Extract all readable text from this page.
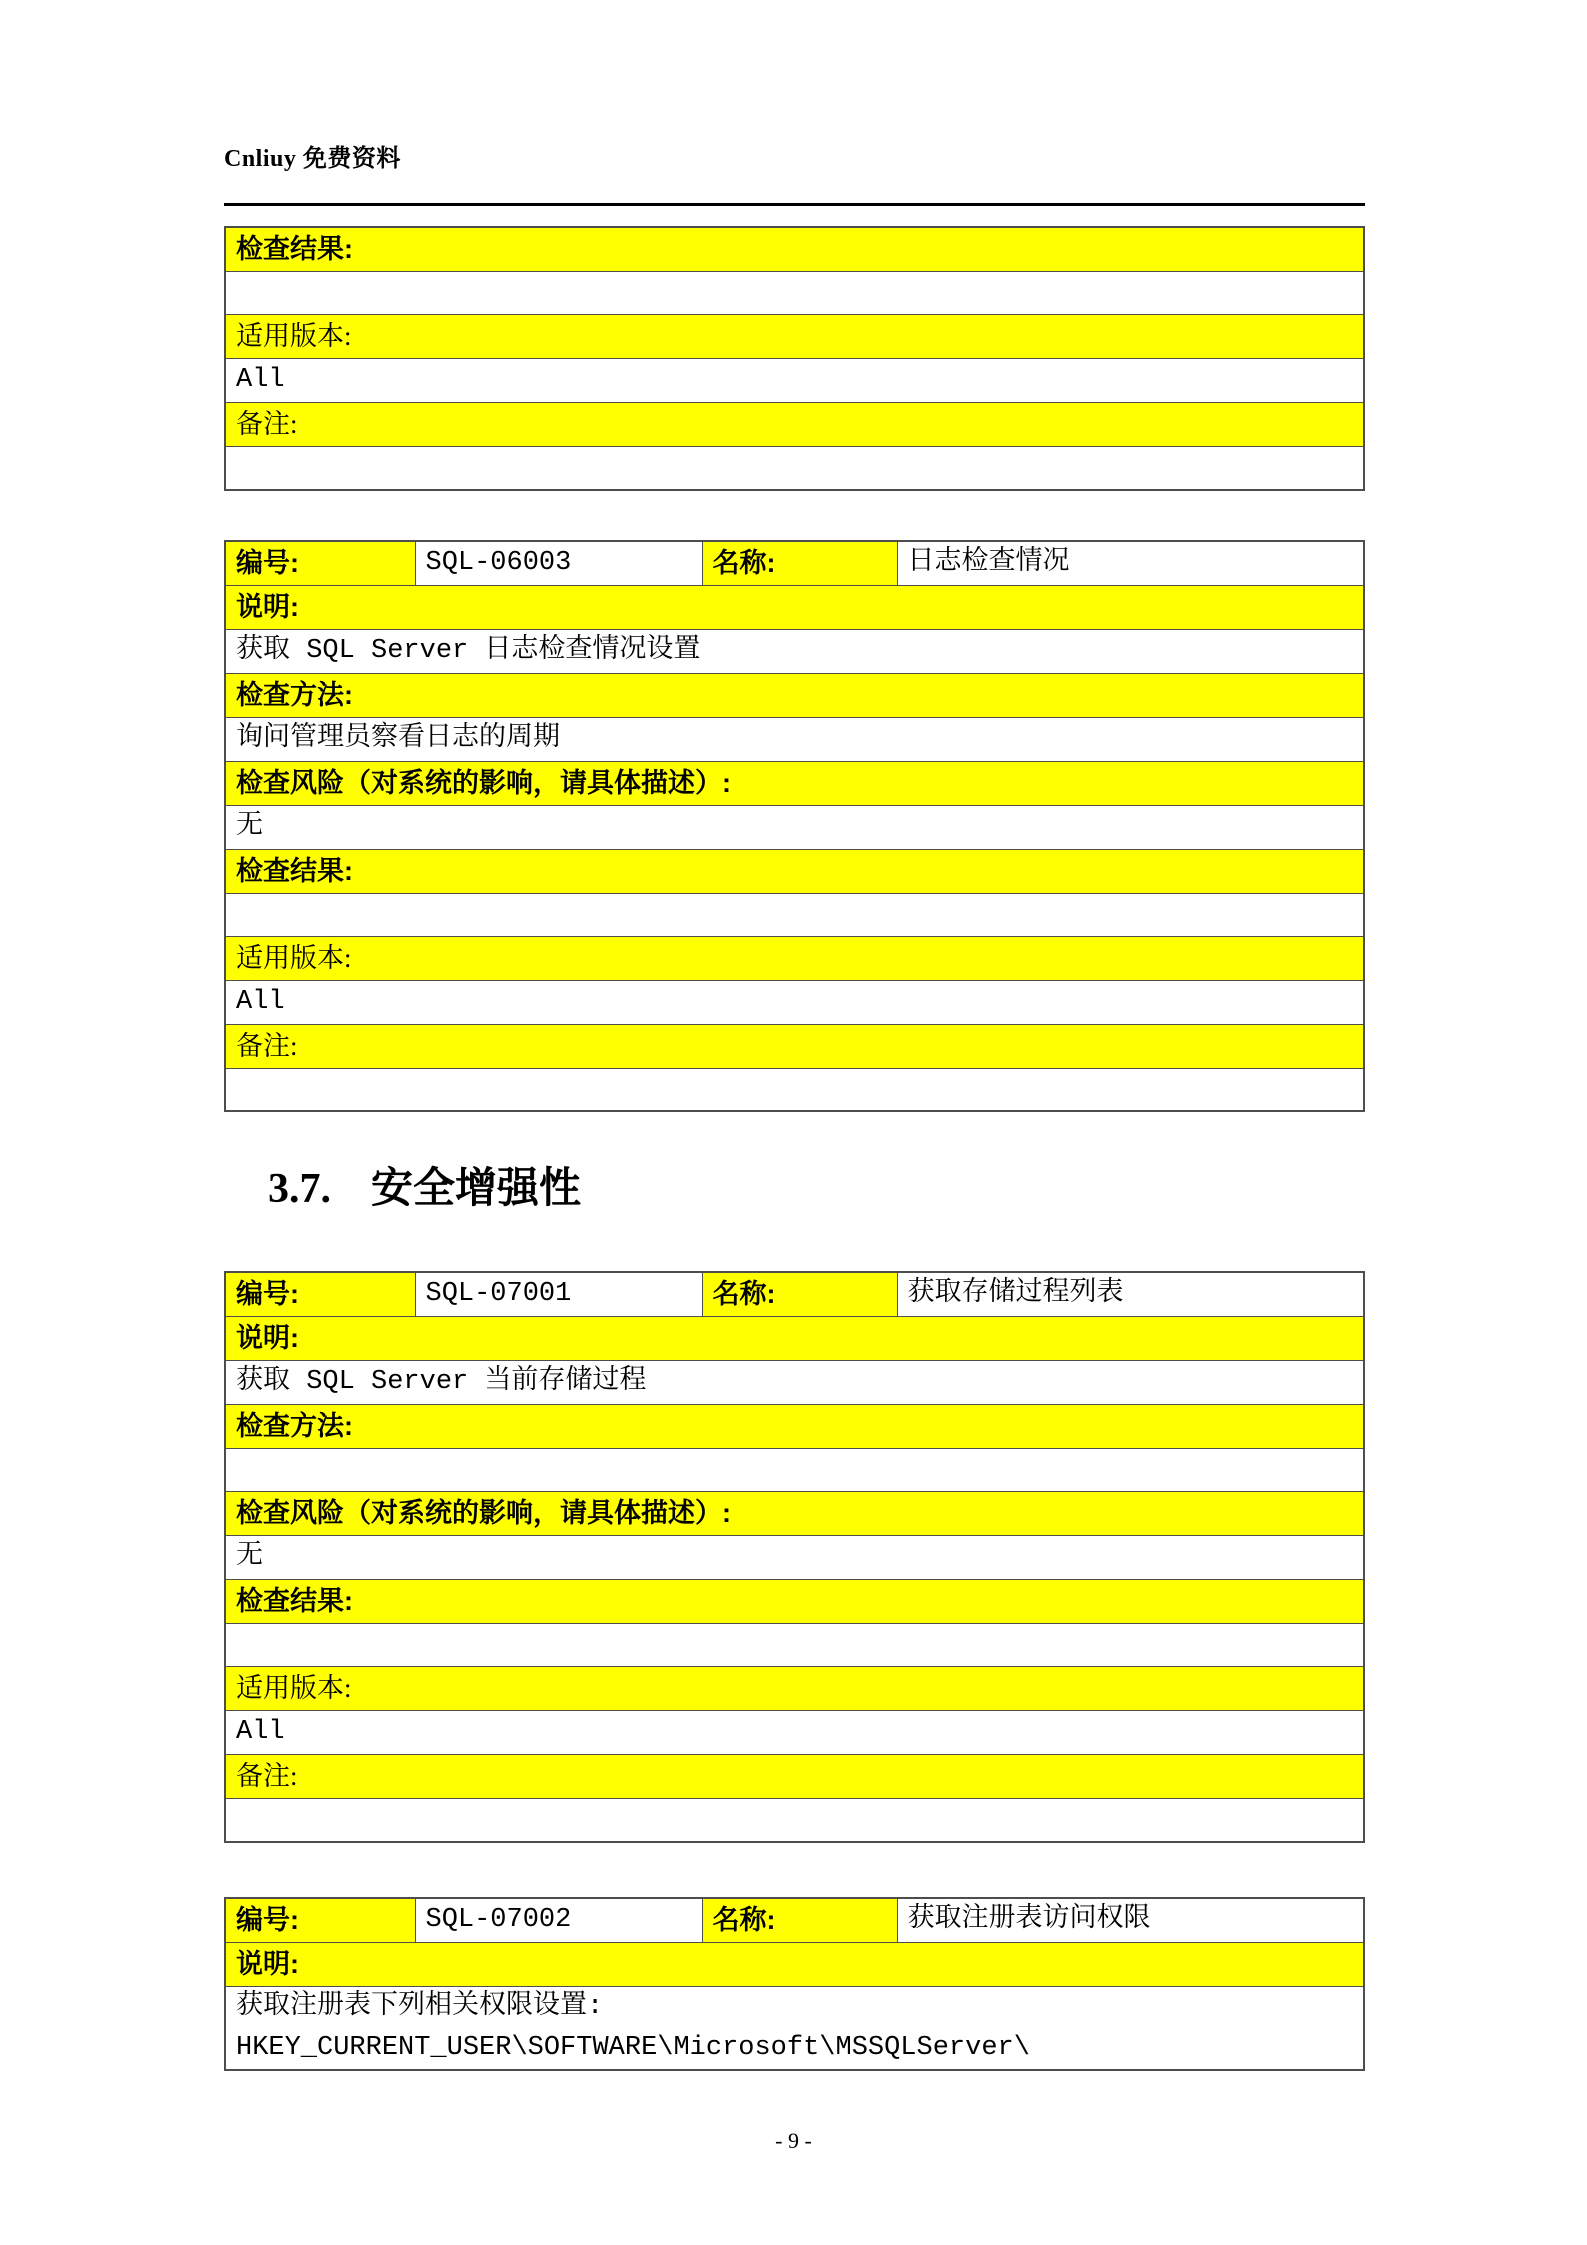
Cnliuy 免费资料
检查结果:

适用版本:
All
备注:

编号:	SQL-06003	名称:	日志检查情况
说明:
获取 SQL Server 日志检查情况设置
检查方法:
询问管理员察看日志的周期
检查风险（对系统的影响，请具体描述）:
无
检查结果:

适用版本:
All
备注:

3.7. 安全增强性
编号:	SQL-07001	名称:	获取存储过程列表
说明:
获取 SQL Server 当前存储过程
检查方法:

检查风险（对系统的影响，请具体描述）:
无
检查结果:

适用版本:
All
备注:

编号:	SQL-07002	名称:	获取注册表访问权限
说明:

获取注册表下列相关权限设置:
HKEY_CURRENT_USER\SOFTWARE\Microsoft\MSSQLServer\
- 9 -
